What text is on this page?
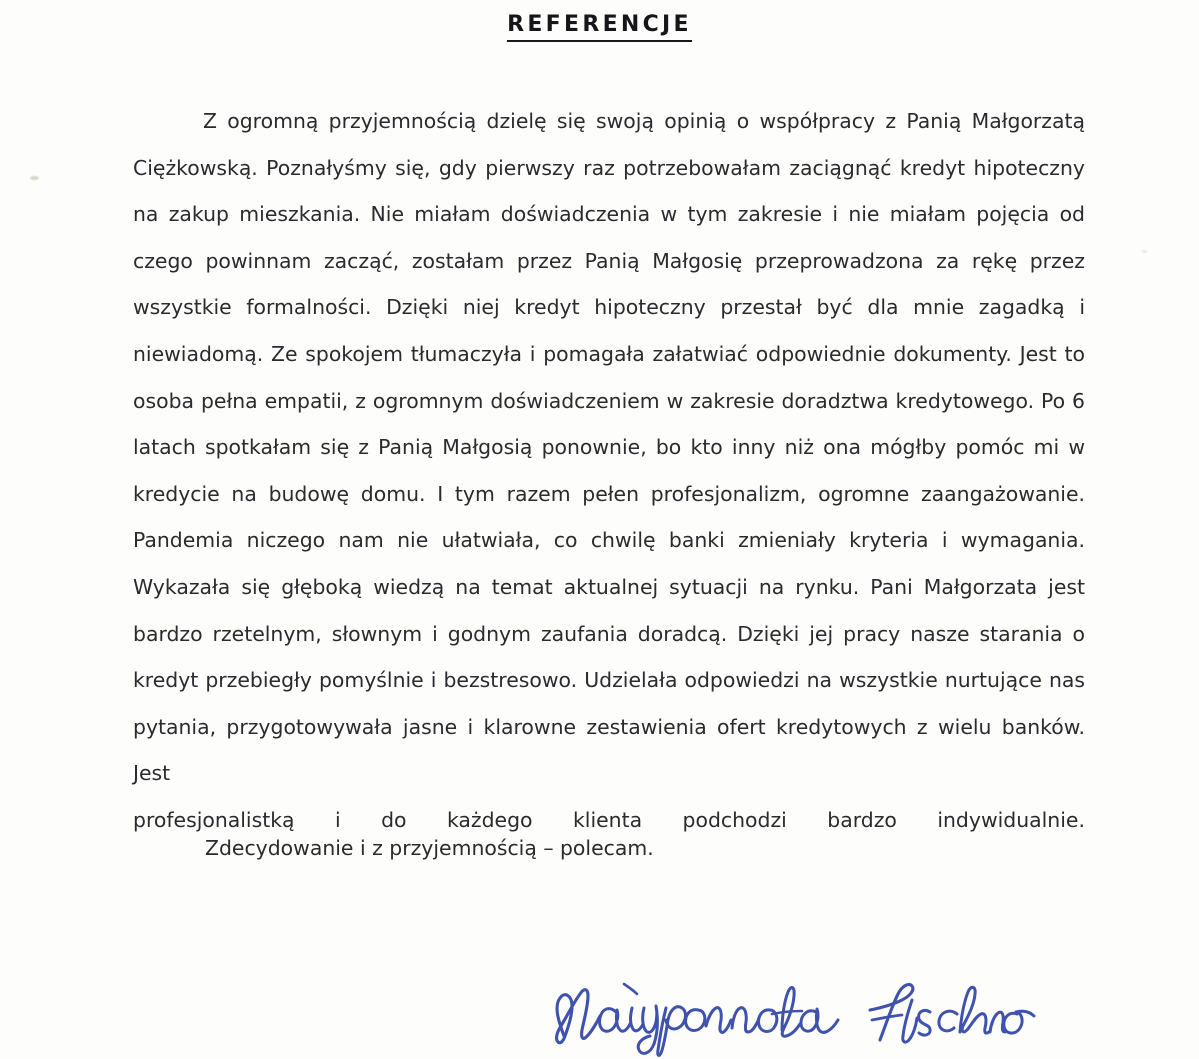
REFERENCJE

Z ogromną przyjemnością dzielę się swoją opinią o współpracy z Panią Małgorzatą Ciężkowską. Poznałyśmy się, gdy pierwszy raz potrzebowałam zaciągnąć kredyt hipoteczny na zakup mieszkania. Nie miałam doświadczenia w tym zakresie i nie miałam pojęcia od czego powinnam zacząć, zostałam przez Panią Małgosię przeprowadzona za rękę przez wszystkie formalności. Dzięki niej kredyt hipoteczny przestał być dla mnie zagadką i niewiadomą. Ze spokojem tłumaczyła i pomagała załatwiać odpowiednie dokumenty. Jest to osoba pełna empatii, z ogromnym doświadczeniem w zakresie doradztwa kredytowego. Po 6 latach spotkałam się z Panią Małgosią ponownie, bo kto inny niż ona mógłby pomóc mi w kredycie na budowę domu. I tym razem pełen profesjonalizm, ogromne zaangażowanie. Pandemia niczego nam nie ułatwiała, co chwilę banki zmieniały kryteria i wymagania. Wykazała się głęboką wiedzą na temat aktualnej sytuacji na rynku. Pani Małgorzata jest bardzo rzetelnym, słownym i godnym zaufania doradcą. Dzięki jej pracy nasze starania o kredyt przebiegły pomyślnie i bezstresowo. Udzielała odpowiedzi na wszystkie nurtujące nas pytania, przygotowywała jasne i klarowne zestawienia ofert kredytowych z wielu banków. Jest

profesjonalistką i do każdego klienta podchodzi bardzo indywidualnie.
Zdecydowanie i z przyjemnością – polecam.
